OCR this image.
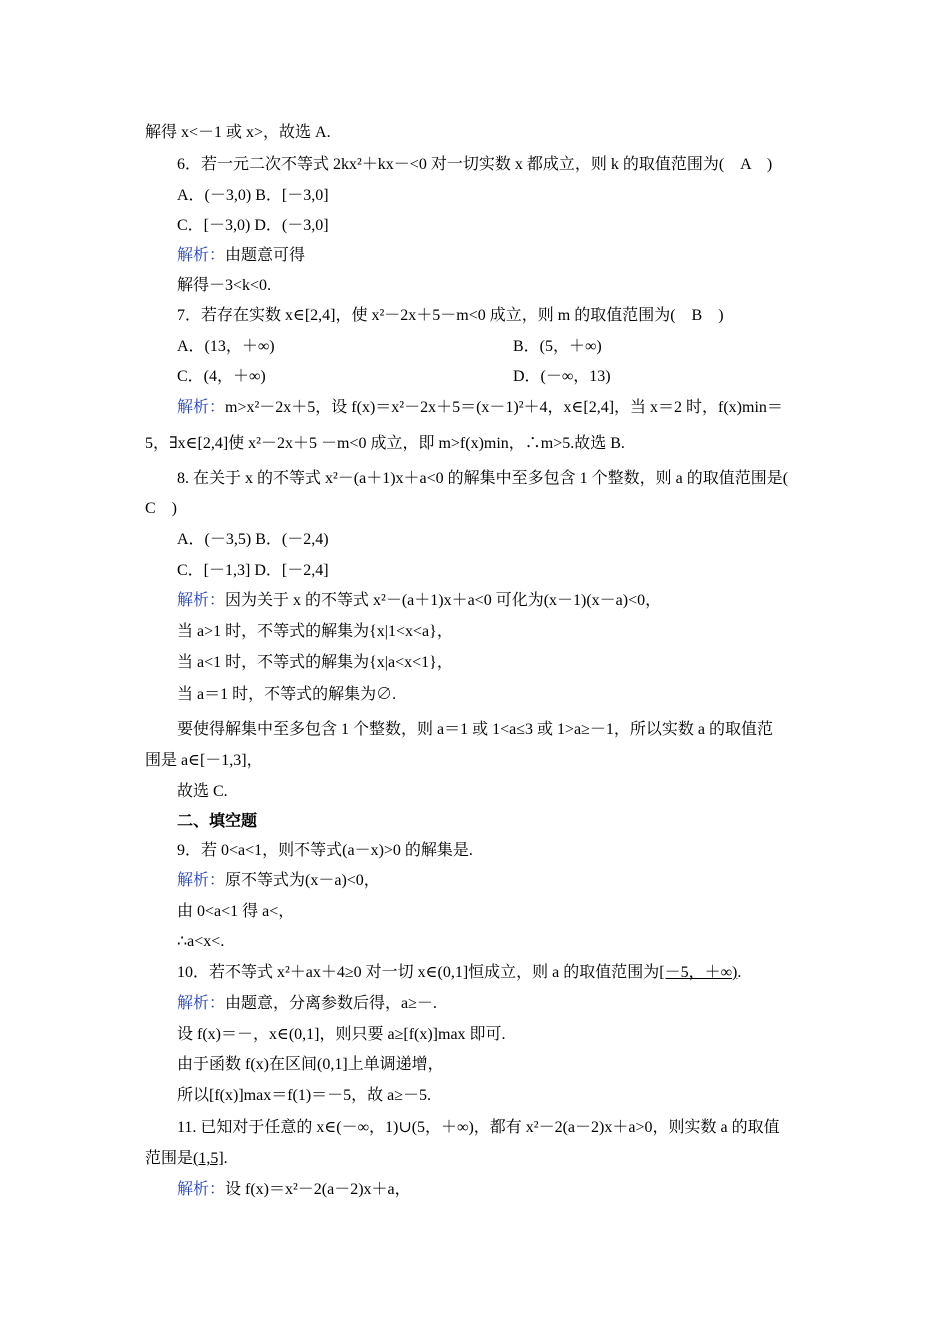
解得 x<－1 或 x>，故选 A.
6．若一元二次不等式 2kx²＋kx－<0 对一切实数 x 都成立，则 k 的取值范围为(　A　)
A．(－3,0) B．[－3,0]
C．[－3,0) D．(－3,0]
解析：由题意可得
解得－3<k<0.
7．若存在实数 x∈[2,4]，使 x²－2x＋5－m<0 成立，则 m 的取值范围为(　B　)
A．(13，＋∞)	B．(5，＋∞)
C．(4，＋∞)	D．(－∞，13)
解析：m>x²－2x＋5，设 f(x)＝x²－2x＋5＝(x－1)²＋4，x∈[2,4]，当 x＝2 时，f(x)min＝
5，∃x∈[2,4]使 x²－2x＋5 －m<0 成立，即 m>f(x)min，∴m>5.故选 B.
8. 在关于 x 的不等式 x²－(a＋1)x＋a<0 的解集中至多包含 1 个整数，则 a 的取值范围是(
C　)
A．(－3,5) B．(－2,4)
C．[－1,3] D．[－2,4]
解析：因为关于 x 的不等式 x²－(a＋1)x＋a<0 可化为(x－1)(x－a)<0，
当 a>1 时，不等式的解集为{x|1<x<a}，
当 a<1 时，不等式的解集为{x|a<x<1}，
当 a＝1 时，不等式的解集为∅.
要使得解集中至多包含 1 个整数，则 a＝1 或 1<a≤3 或 1>a≥－1，所以实数 a 的取值范
围是 a∈[－1,3]，
故选 C.
二、填空题
9．若 0<a<1，则不等式(a－x)>0 的解集是.
解析：原不等式为(x－a)<0，
由 0<a<1 得 a<，
∴a<x<.
10．若不等式 x²＋ax＋4≥0 对一切 x∈(0,1]恒成立，则 a 的取值范围为[－5，＋∞).
解析：由题意，分离参数后得，a≥－.
设 f(x)＝－，x∈(0,1]，则只要 a≥[f(x)]max 即可.
由于函数 f(x)在区间(0,1]上单调递增，
所以[f(x)]max＝f(1)＝－5，故 a≥－5.
11. 已知对于任意的 x∈(－∞，1)∪(5，＋∞)，都有 x²－2(a－2)x＋a>0，则实数 a 的取值
范围是(1,5].
解析：设 f(x)＝x²－2(a－2)x＋a，
